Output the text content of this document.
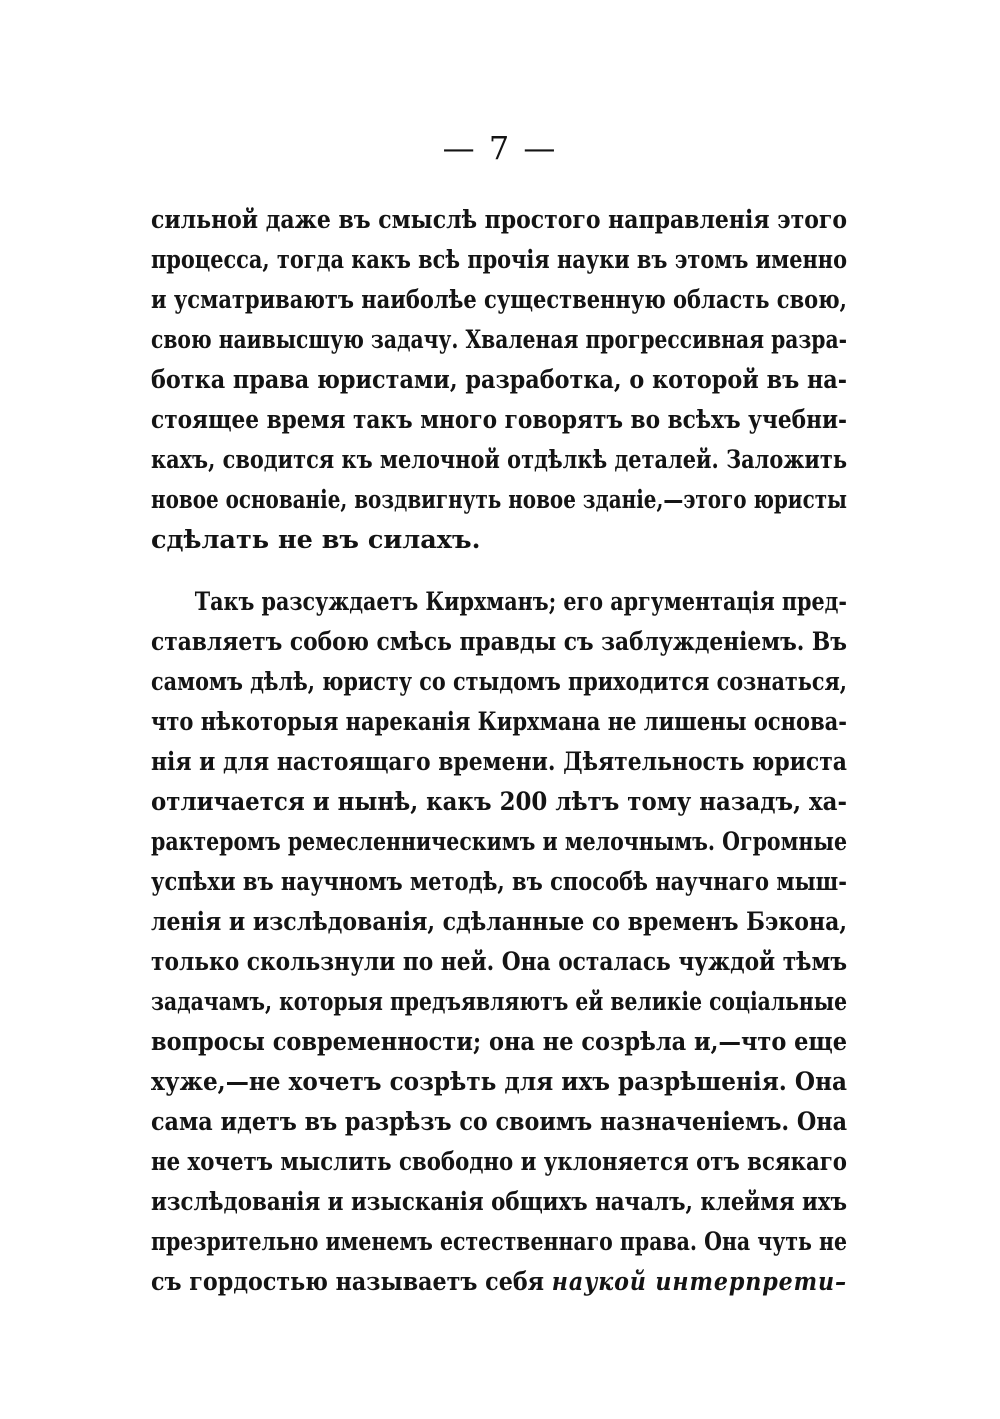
— 7 —
сильной даже въ смыслѣ простого направленія этого
процесса, тогда какъ всѣ прочія науки въ этомъ именно
и усматриваютъ наиболѣе существенную область свою,
свою наивысшую задачу. Хваленая прогрессивная разра-
ботка права юристами, разработка, о которой въ на-
стоящее время такъ много говорятъ во всѣхъ учебни-
кахъ, сводится къ мелочной отдѣлкѣ деталей. Заложить
новое основаніе, воздвигнуть новое зданіе,—этого юристы
сдѣлать не въ силахъ.
Такъ разсуждаетъ Кирхманъ; его аргументація пред-
ставляетъ собою смѣсь правды съ заблужденіемъ. Въ
самомъ дѣлѣ, юристу со стыдомъ приходится сознаться,
что нѣкоторыя нареканія Кирхмана не лишены основа-
нія и для настоящаго времени. Дѣятельность юриста
отличается и нынѣ, какъ 200 лѣтъ тому назадъ, ха-
рактеромъ ремесленническимъ и мелочнымъ. Огромные
успѣхи въ научномъ методѣ, въ способѣ научнаго мыш-
ленія и изслѣдованія, сдѣланные со временъ Бэкона,
только скользнули по ней. Она осталась чуждой тѣмъ
задачамъ, которыя предъявляютъ ей великіе соціальные
вопросы современности; она не созрѣла и,—что еще
хуже,—не хочетъ созрѣть для ихъ разрѣшенія. Она
сама идетъ въ разрѣзъ со своимъ назначеніемъ. Она
не хочетъ мыслить свободно и уклоняется отъ всякаго
изслѣдованія и изысканія общихъ началъ, клеймя ихъ
презрительно именемъ естественнаго права. Она чуть не
съ гордостью называетъ себя наукой интерпрети–
